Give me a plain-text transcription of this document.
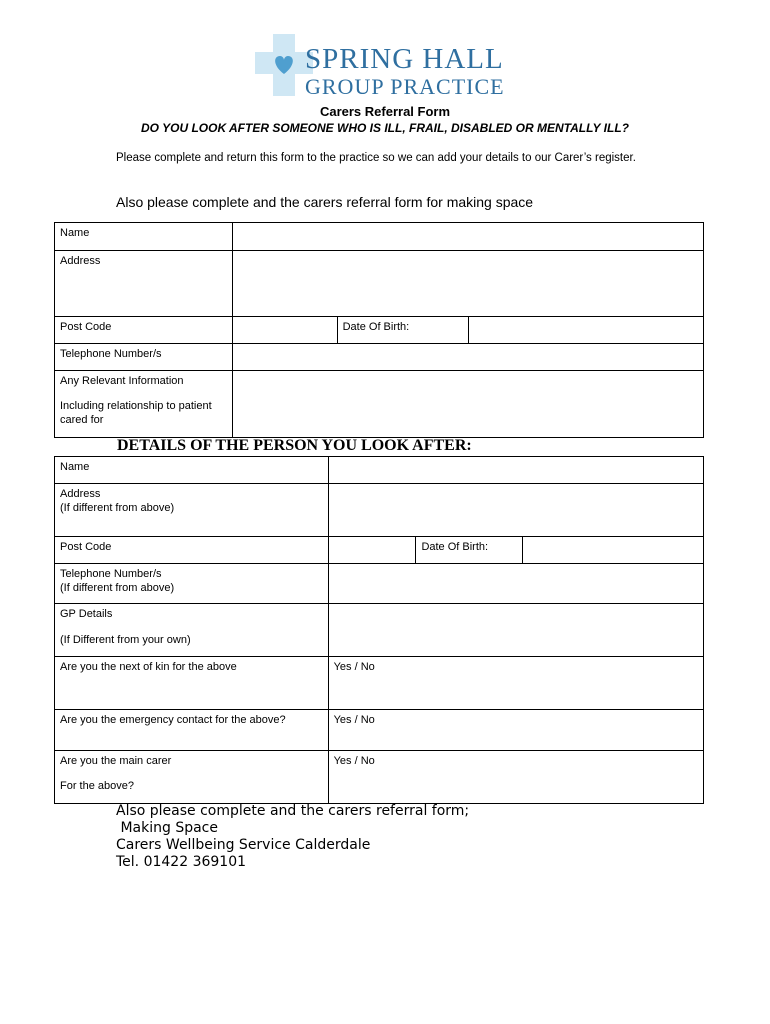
SPRING HALL
GROUP PRACTICE
Carers Referral Form
DO YOU LOOK AFTER SOMEONE WHO IS ILL, FRAIL, DISABLED OR MENTALLY ILL?
Please complete and return this form to the practice so we can add your details to our Carer’s register.
Also please complete and the carers referral form for making space
Name			
Address			
Post Code		Date Of Birth:	
Telephone Number/s			

Any Relevant Information

Including relationship to patient cared for			

DETAILS OF THE PERSON YOU LOOK AFTER:
Name			

Address
(If different from above)			

Post Code		Date Of Birth:	

Telephone Number/s
(If different from above)			

GP Details

(If Different from your own)			

Are you the next of kin for the above	Yes / No		
Are you the emergency contact for the above?	Yes / No		

Are you the main carer

For the above?	Yes / No		
Also please complete and the carers referral form;
Making Space
Carers Wellbeing Service Calderdale
Tel. 01422 369101
